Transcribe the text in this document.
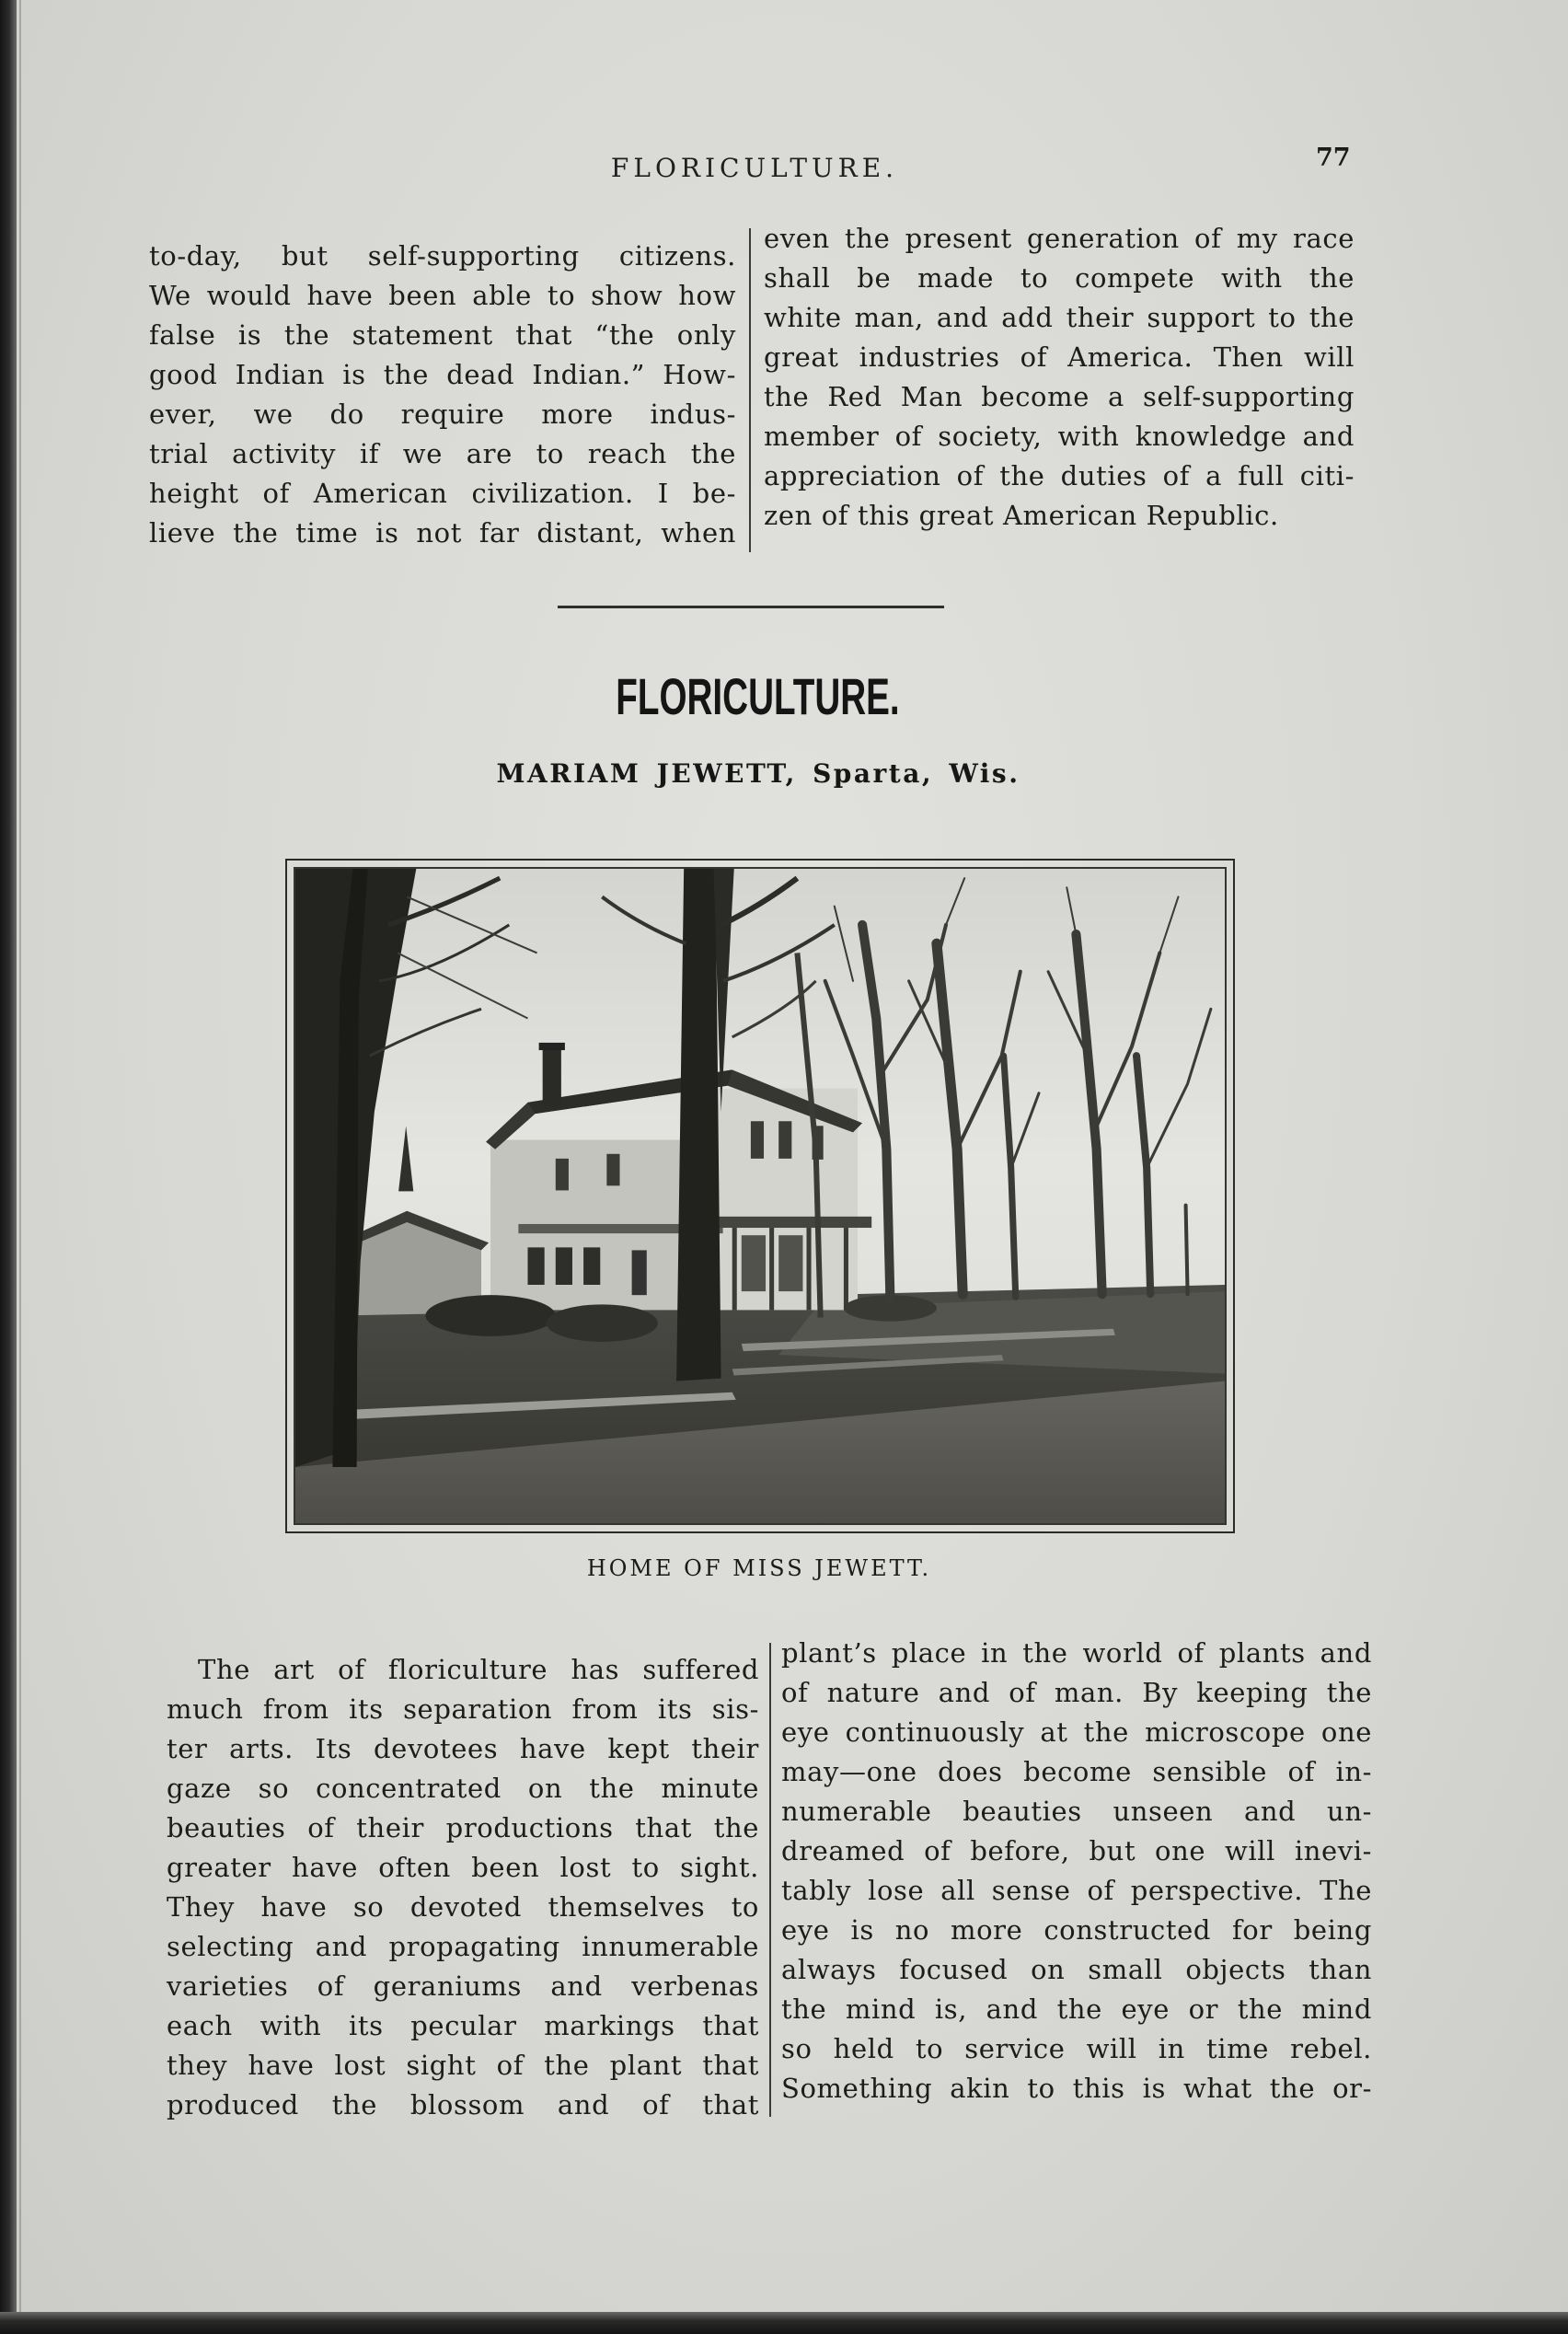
FLORICULTURE.	77
to-day, but self-supporting citizens.
We would have been able to show how
false is the statement that “the only
good Indian is the dead Indian.” How-
ever, we do require more indus-
trial activity if we are to reach the
height of American civilization. I be-
lieve the time is not far distant, when
even the present generation of my race
shall be made to compete with the
white man, and add their support to the
great industries of America. Then will
the Red Man become a self-supporting
member of society, with knowledge and
appreciation of the duties of a full citi-
zen of this great American Republic.
FLORICULTURE.
MARIAM JEWETT, Sparta, Wis.
HOME OF MISS JEWETT.
The art of floriculture has suffered
much from its separation from its sis-
ter arts. Its devotees have kept their
gaze so concentrated on the minute
beauties of their productions that the
greater have often been lost to sight.
They have so devoted themselves to
selecting and propagating innumerable
varieties of geraniums and verbenas
each with its pecular markings that
they have lost sight of the plant that
produced the blossom and of that
plant’s place in the world of plants and
of nature and of man. By keeping the
eye continuously at the microscope one
may—one does become sensible of in-
numerable beauties unseen and un-
dreamed of before, but one will inevi-
tably lose all sense of perspective. The
eye is no more constructed for being
always focused on small objects than
the mind is, and the eye or the mind
so held to service will in time rebel.
Something akin to this is what the or-
